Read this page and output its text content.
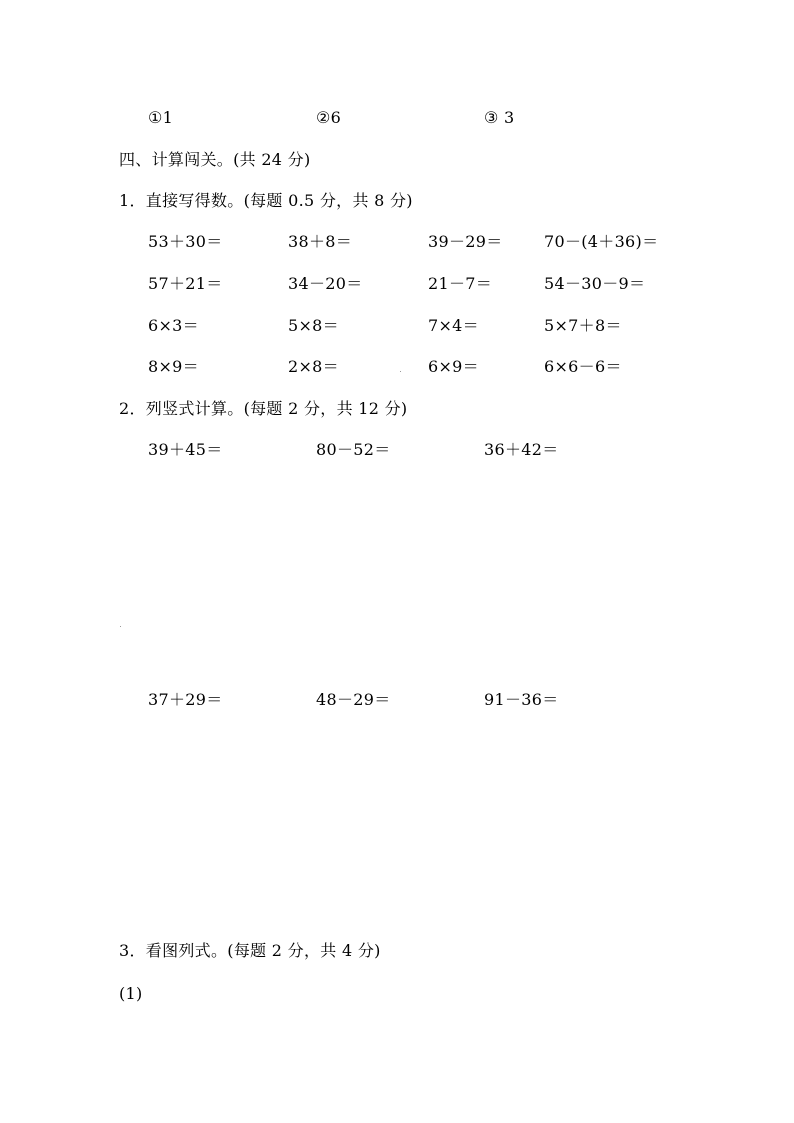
①1	②6	③ 3
四、计算闯关。(共 24 分)
1．直接写得数。(每题 0.5 分，共 8 分)
53＋30＝	38＋8＝	39－29＝	70－(4＋36)＝
57＋21＝	34－20＝	21－7＝	54－30－9＝
6×3＝	5×8＝	7×4＝	5×7＋8＝
8×9＝	2×8＝	6×9＝	6×6－6＝
2．列竖式计算。(每题 2 分，共 12 分)
39＋45＝	80－52＝	36＋42＝
37＋29＝	48－29＝	91－36＝
3．看图列式。(每题 2 分，共 4 分)
(1)
